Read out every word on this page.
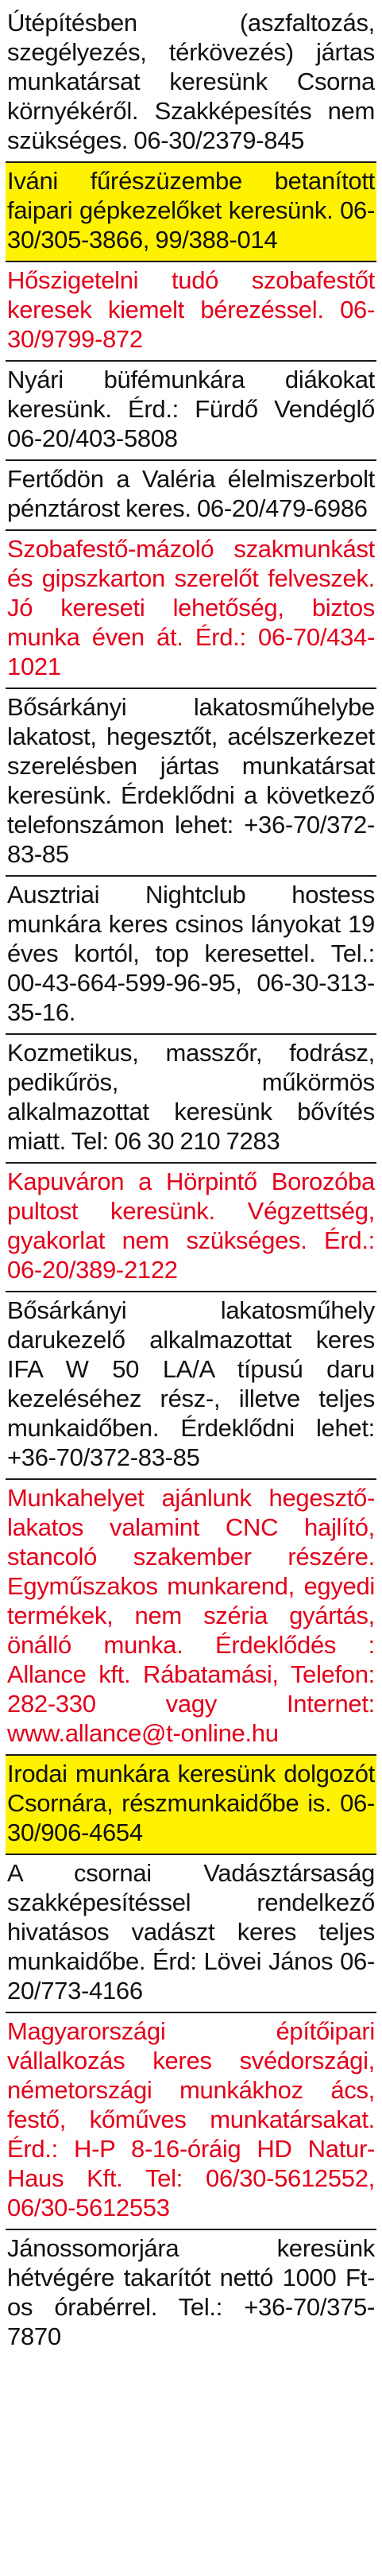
Útépítésben (aszfaltozás, szegélyezés, térkövezés) jártas munkatársat keresünk Csorna környékéről. Szakképesítés nem szükséges. 06-30/2379-845

Iváni fűrészüzembe betanított faipari gépkezelőket keresünk. 06-30/305-3866, 99/388-014

Hőszigetelni tudó szobafestőt keresek kiemelt bérezéssel. 06-30/9799-872

Nyári büfémunkára diákokat keresünk. Érd.: Fürdő Vendéglő 06-20/403-5808

Fertődön a Valéria élelmiszerbolt pénztárost keres. 06-20/479-6986

Szobafestő-mázoló szakmunkást és gipszkarton szerelőt felveszek. Jó kereseti lehetőség, biztos munka éven át. Érd.: 06-70/434-1021

Bősárkányi lakatosműhelybe lakatost, hegesztőt, acélszerkezet szerelésben jártas munkatársat keresünk. Érdeklődni a következő telefonszámon lehet: +36-70/372-83-85

Ausztriai Nightclub hostess munkára keres csinos lányokat 19 éves kortól, top keresettel. Tel.: 00-43-664-599-96-95, 06-30-313-35-16.

Kozmetikus, masszőr, fodrász, pedikűrös, műkörmös alkalmazottat keresünk bővítés miatt. Tel: 06 30 210 7283

Kapuváron a Hörpintő Borozóba pultost keresünk. Végzettség, gyakorlat nem szükséges. Érd.: 06-20/389-2122

Bősárkányi lakatosműhely darukezelő alkalmazottat keres IFA W 50 LA/A típusú daru kezeléséhez rész-, illetve teljes munkaidőben. Érdeklődni lehet: +36-70/372-83-85

Munkahelyet ajánlunk hegesztő-lakatos valamint CNC hajlító, stancoló szakember részére. Egyműszakos munkarend, egyedi termékek, nem széria gyártás, önálló munka. Érdeklődés : Allance kft. Rábatamási, Telefon: 282-330 vagy Internet: www.allance@t-online.hu

Irodai munkára keresünk dolgozót Csornára, részmunkaidőbe is. 06-30/906-4654

A csornai Vadásztársaság szakképesítéssel rendelkező hivatásos vadászt keres teljes munkaidőbe. Érd: Lövei János 06-20/773-4166

Magyarországi építőipari vállalkozás keres svédországi, németországi munkákhoz ács, festő, kőműves munkatársakat. Érd.: H-P 8-16-óráig HD Natur-Haus Kft. Tel: 06/30-5612552, 06/30-5612553

Jánossomorjára keresünk hétvégére takarítót nettó 1000 Ft-os órabérrel. Tel.: +36-70/375-7870
